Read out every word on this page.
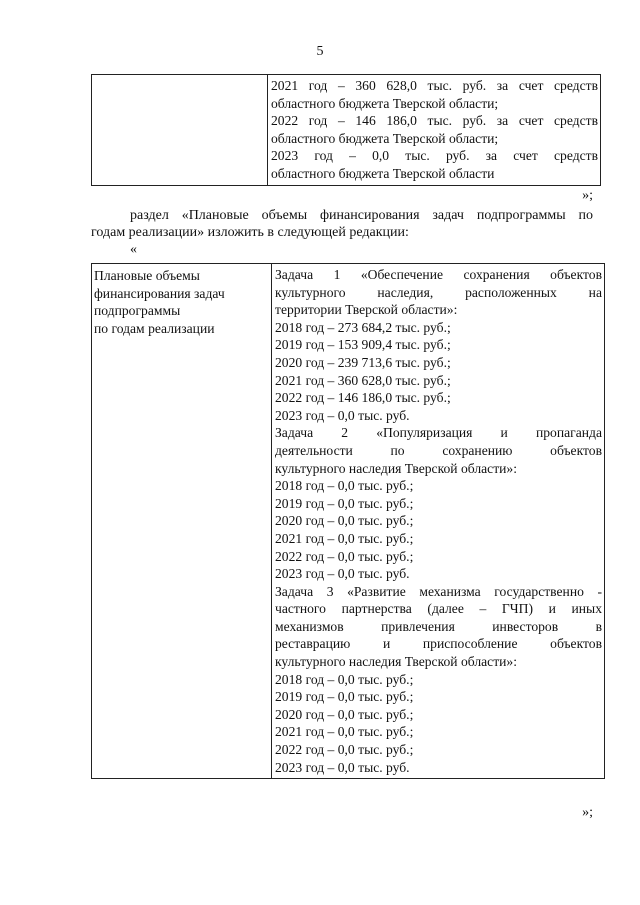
5

2021 год – 360 628,0 тыс. руб. за счет средств
областного бюджета Тверской области;
2022 год – 146 186,0 тыс. руб. за счет средств
областного бюджета Тверской области;
2023 год – 0,0 тыс. руб. за счет средств
областного бюджета Тверской области
»;
раздел «Плановые объемы финансирования задач подпрограммы по
годам реализации» изложить в следующей редакции:
«
Плановые объемы
финансирования задач
подпрограммы
по годам реализации

Задача 1 «Обеспечение сохранения объектов
культурного наследия, расположенных на
территории Тверской области»:
2018 год – 273 684,2 тыс. руб.;
2019 год – 153 909,4 тыс. руб.;
2020 год – 239 713,6 тыс. руб.;
2021 год – 360 628,0 тыс. руб.;
2022 год – 146 186,0 тыс. руб.;
2023 год – 0,0 тыс. руб.
Задача 2 «Популяризация и пропаганда
деятельности по сохранению объектов
культурного наследия Тверской области»:
2018 год – 0,0 тыс. руб.;
2019 год – 0,0 тыс. руб.;
2020 год – 0,0 тыс. руб.;
2021 год – 0,0 тыс. руб.;
2022 год – 0,0 тыс. руб.;
2023 год – 0,0 тыс. руб.
Задача 3 «Развитие механизма государственно -
частного партнерства (далее – ГЧП) и иных
механизмов привлечения инвесторов в
реставрацию и приспособление объектов
культурного наследия Тверской области»:
2018 год – 0,0 тыс. руб.;
2019 год – 0,0 тыс. руб.;
2020 год – 0,0 тыс. руб.;
2021 год – 0,0 тыс. руб.;
2022 год – 0,0 тыс. руб.;
2023 год – 0,0 тыс. руб.
»;
